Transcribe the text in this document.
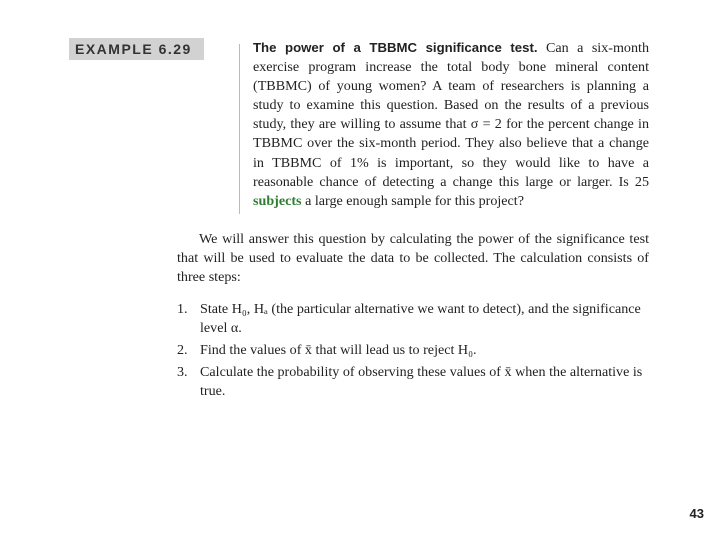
EXAMPLE 6.29	The power of a TBBMC significance test. Can a six-month exercise program increase the total body bone mineral content (TBBMC) of young women? A team of researchers is planning a study to examine this question. Based on the results of a previous study, they are willing to assume that σ = 2 for the percent change in TBBMC over the six-month period. They also believe that a change in TBBMC of 1% is important, so they would like to have a reasonable chance of detecting a change this large or larger. Is 25 subjects a large enough sample for this project?

We will answer this question by calculating the power of the significance test that will be used to evaluate the data to be collected. The calculation consists of three steps:

1. State H₀, Hₐ (the particular alternative we want to detect), and the significance level α.
2. Find the values of x̄ that will lead us to reject H₀.
3. Calculate the probability of observing these values of x̄ when the alternative is true.
43
